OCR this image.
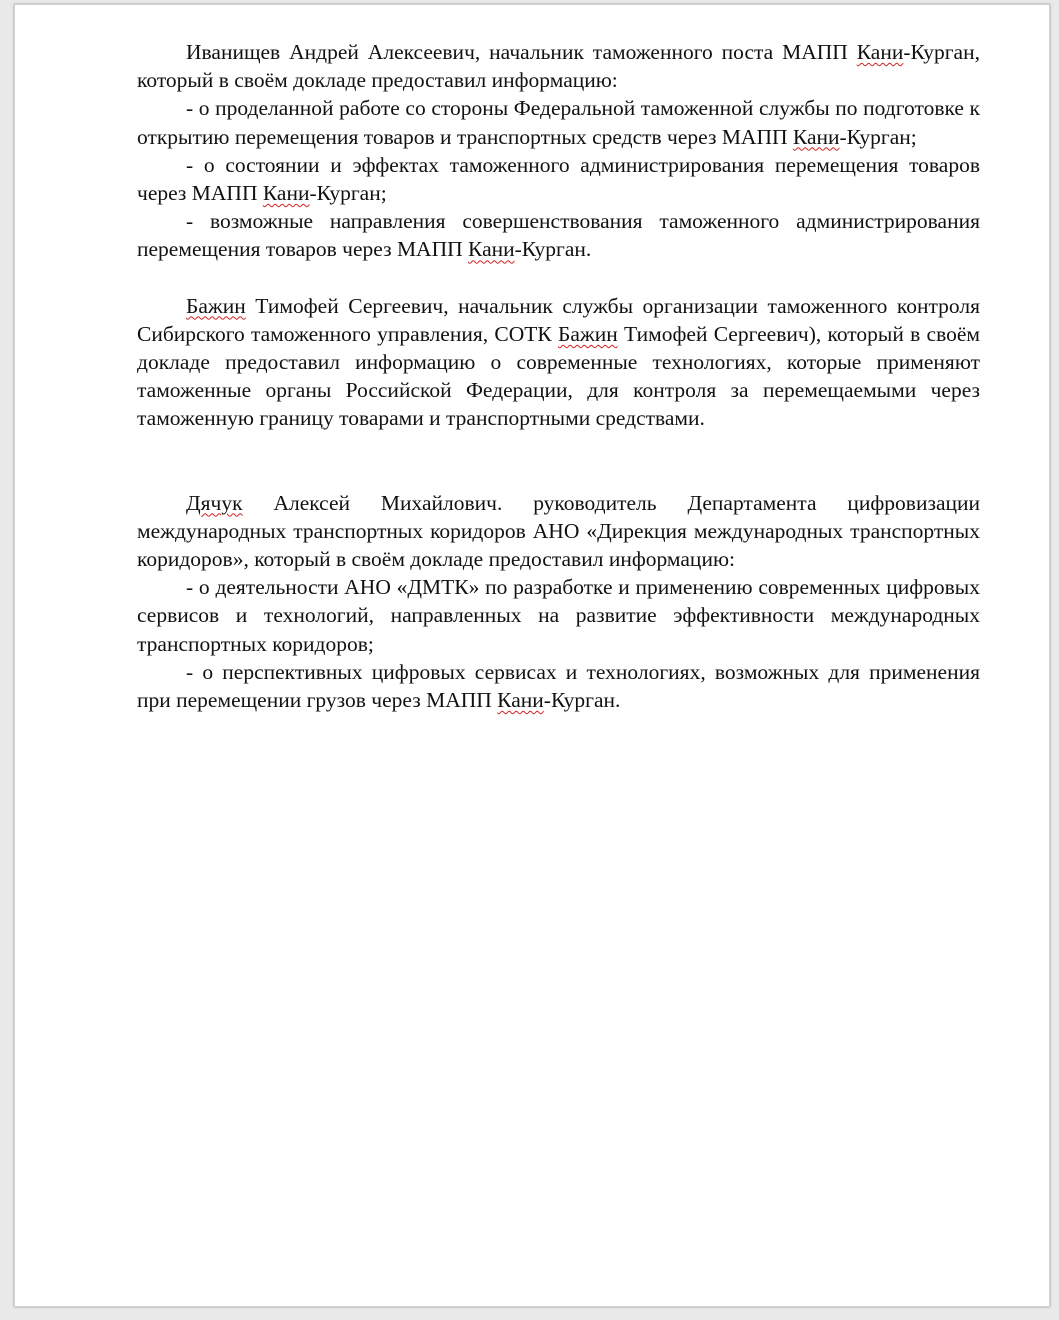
Иванищев Андрей Алексеевич, начальник таможенного поста МАПП Кани-Курган, который в своём докладе предоставил информацию:

- о проделанной работе со стороны Федеральной таможенной службы по подготовке к открытию перемещения товаров и транспортных средств через МАПП Кани-Курган;

- о состоянии и эффектах таможенного администрирования перемещения товаров через МАПП Кани-Курган;

- возможные направления совершенствования таможенного администрирования перемещения товаров через МАПП Кани-Курган.

Бажин Тимофей Сергеевич, начальник службы организации таможенного контроля Сибирского таможенного управления, СОТК Бажин Тимофей Сергеевич), который в своём докладе предоставил информацию о современные технологиях, которые применяют таможенные органы Российской Федерации, для контроля за перемещаемыми через таможенную границу товарами и транспортными средствами.

Дячук Алексей Михайлович. руководитель Департамента цифровизации международных транспортных коридоров АНО «Дирекция международных транспортных коридоров», который в своём докладе предоставил информацию:

- о деятельности АНО «ДМТК» по разработке и применению современных цифровых сервисов и технологий, направленных на развитие эффективности международных транспортных коридоров;

- о перспективных цифровых сервисах и технологиях, возможных для применения при перемещении грузов через МАПП Кани-Курган.
